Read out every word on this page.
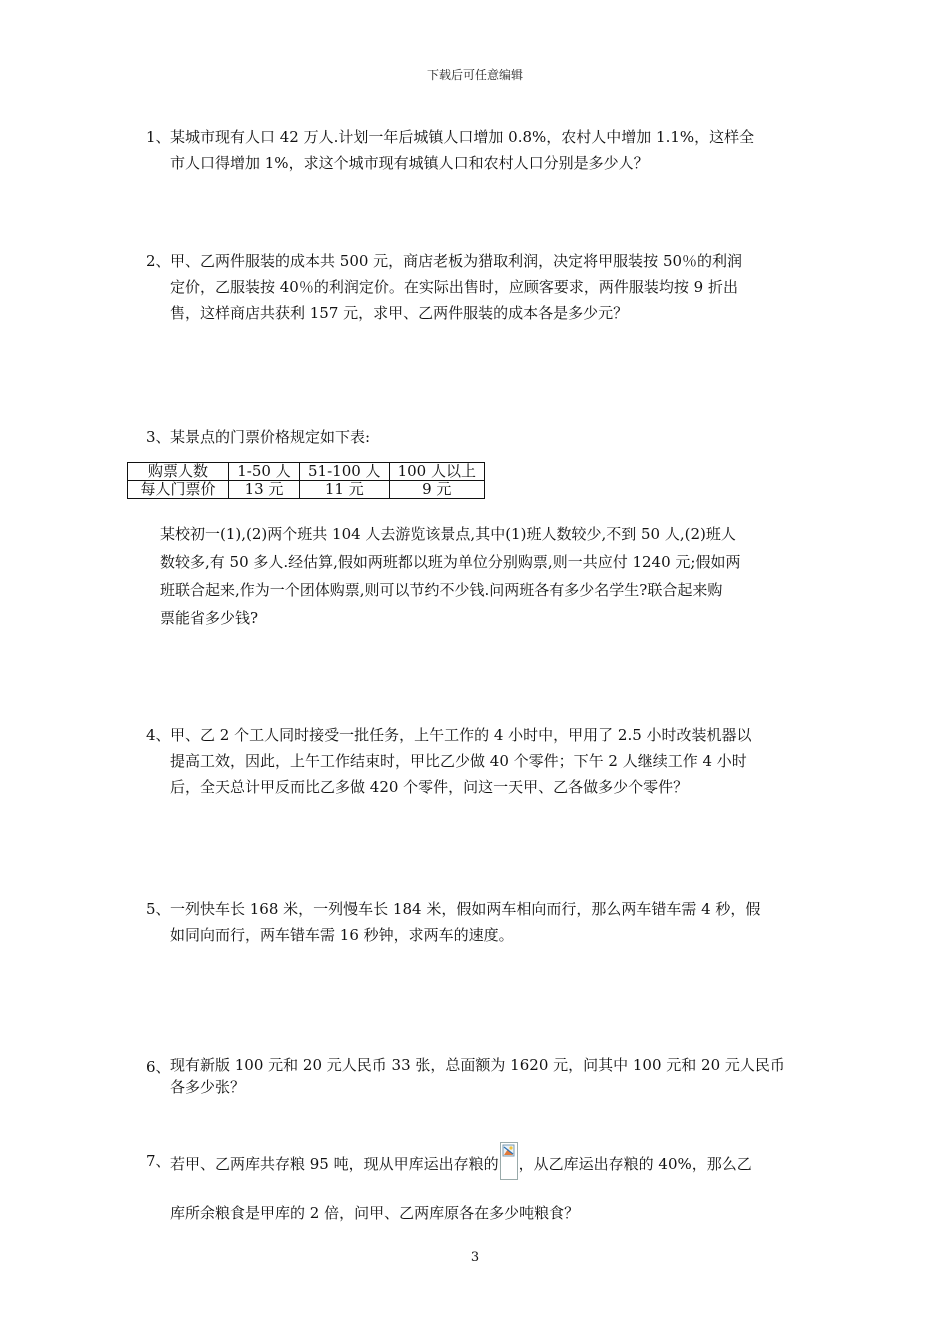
下载后可任意编辑
1、 某城市现有人口 42 万人.计划一年后城镇人口增加 0.8%，农村人中增加 1.1%，这样全
市人口得增加 1%，求这个城市现有城镇人口和农村人口分别是多少人？
2、 甲、乙两件服装的成本共 500 元，商店老板为猎取利润，决定将甲服装按 50％的利润
定价，乙服装按 40％的利润定价。在实际出售时，应顾客要求，两件服装均按 9 折出
售，这样商店共获利 157 元，求甲、乙两件服装的成本各是多少元？
3、 某景点的门票价格规定如下表:
购票人数	1-50 人	51-100 人	100 人以上
每人门票价	13 元	11 元	9 元
某校初一(1),(2)两个班共 104 人去游览该景点,其中(1)班人数较少,不到 50 人,(2)班人
数较多,有 50 多人.经估算,假如两班都以班为单位分别购票,则一共应付 1240 元;假如两
班联合起来,作为一个团体购票,则可以节约不少钱.问两班各有多少名学生?联合起来购
票能省多少钱?
4、 甲、乙 2 个工人同时接受一批任务，上午工作的 4 小时中，甲用了 2.5 小时改装机器以
提高工效，因此，上午工作结束时，甲比乙少做 40 个零件；下午 2 人继续工作 4 小时
后，全天总计甲反而比乙多做 420 个零件，问这一天甲、乙各做多少个零件？
5、 一列快车长 168 米，一列慢车长 184 米，假如两车相向而行，那么两车错车需 4 秒，假
如同向而行，两车错车需 16 秒钟，求两车的速度。
6、 现有新版 100 元和 20 元人民币 33 张，总面额为 1620 元，问其中 100 元和 20 元人民币
各多少张？
7、 若甲、乙两库共存粮 95 吨，现从甲库运出存粮的 ，从乙库运出存粮的 40%，那么乙
库所余粮食是甲库的 2 倍，问甲、乙两库原各在多少吨粮食？
3
